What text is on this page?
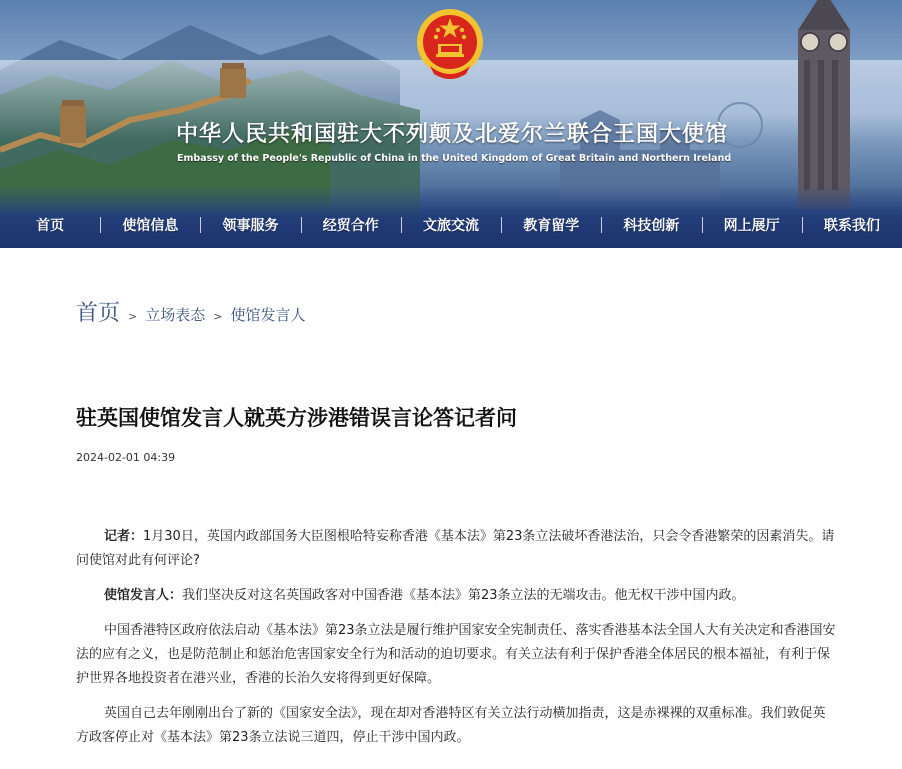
中华人民共和国驻大不列颠及北爱尔兰联合王国大使馆
Embassy of the People's Republic of China in the United Kingdom of Great Britain and Northern Ireland
首页	使馆信息	领事服务	经贸合作	文旅交流	教育留学	科技创新	网上展厅	联系我们
首页 > 立场表态 > 使馆发言人
驻英国使馆发言人就英方涉港错误言论答记者问
2024-02-01 04:39

记者：1月30日，英国内政部国务大臣图根哈特妄称香港《基本法》第23条立法破坏香港法治，只会令香港繁荣的因素消失。请问使馆对此有何评论?

使馆发言人：我们坚决反对这名英国政客对中国香港《基本法》第23条立法的无端攻击。他无权干涉中国内政。

中国香港特区政府依法启动《基本法》第23条立法是履行维护国家安全宪制责任、落实香港基本法全国人大有关决定和香港国安法的应有之义，也是防范制止和惩治危害国家安全行为和活动的迫切要求。有关立法有利于保护香港全体居民的根本福祉，有利于保护世界各地投资者在港兴业，香港的长治久安将得到更好保障。

英国自己去年刚刚出台了新的《国家安全法》，现在却对香港特区有关立法行动横加指责，这是赤裸裸的双重标准。我们敦促英方政客停止对《基本法》第23条立法说三道四，停止干涉中国内政。
